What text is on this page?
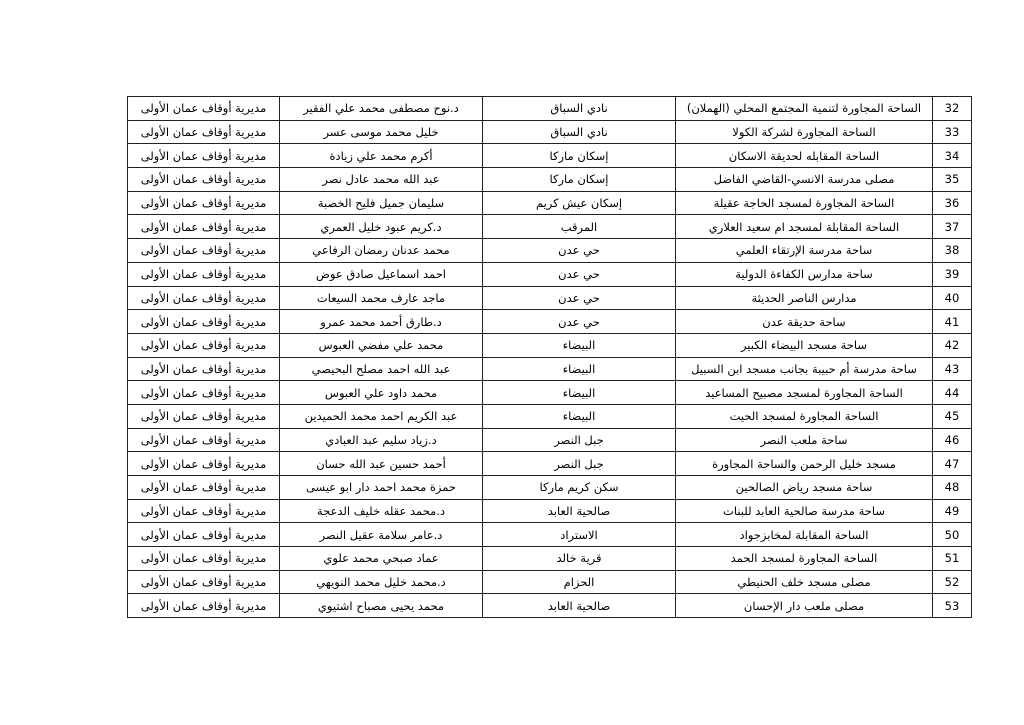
32	الساحة المجاورة لتنمية المجتمع المحلي (الهملان)	نادي السباق	د.نوح مصطفى محمد علي الفقير	مديرية أوقاف عمان الأولى
33	الساحة المجاورة لشركة الكولا	نادي السباق	خليل محمد موسى عسر	مديرية أوقاف عمان الأولى
34	الساحة المقابله لحديقة الاسكان	إسكان ماركا	أكرم محمد علي زيادة	مديرية أوقاف عمان الأولى
35	مصلى مدرسة الانسي-القاضي الفاضل	إسكان ماركا	عبد الله محمد عادل نصر	مديرية أوقاف عمان الأولى
36	الساحة المجاورة لمسجد الحاجة عقيلة	إسكان عيش كريم	سليمان جميل فليح الخصبة	مديرية أوقاف عمان الأولى
37	الساحة المقابلة لمسجد ام سعيد العلاري	المرقب	د.كريم عبود خليل العمري	مديرية أوقاف عمان الأولى
38	ساحة مدرسة الإرتقاء العلمي	حي عدن	محمد عدنان رمضان الرفاعي	مديرية أوقاف عمان الأولى
39	ساحة مدارس الكفاءة الدولية	حي عدن	احمد اسماعيل صادق عوض	مديرية أوقاف عمان الأولى
40	مدارس الناصر الحديثة	حي عدن	ماجد عارف محمد السيعات	مديرية أوقاف عمان الأولى
41	ساحة حديقة عدن	حي عدن	د.طارق أحمد محمد عمرو	مديرية أوقاف عمان الأولى
42	ساحة مسجد البيضاء الكبير	البيضاء	محمد علي مفضي العبوس	مديرية أوقاف عمان الأولى
43	ساحة مدرسة أم حبيبة بجانب مسجد ابن السبيل	البيضاء	عبد الله احمد مصلح البحيصي	مديرية أوقاف عمان الأولى
44	الساحة المجاورة لمسجد مصبيح المساعيد	البيضاء	محمد داود علي العبوس	مديرية أوقاف عمان الأولى
45	الساحة المجاورة لمسجد الحيت	البيضاء	عبد الكريم احمد محمد الحميدين	مديرية أوقاف عمان الأولى
46	ساحة ملعب النصر	جبل النصر	د.زياد سليم عبد العبادي	مديرية أوقاف عمان الأولى
47	مسجد خليل الرحمن والساحة المجاورة	جبل النصر	أحمد حسين عبد الله حسان	مديرية أوقاف عمان الأولى
48	ساحة مسجد رياض الصالحين	سكن كريم ماركا	حمزة محمد احمد دار ابو عيسى	مديرية أوقاف عمان الأولى
49	ساحة مدرسة صالحية العابد للبنات	صالحية العابد	د.محمد عقله خليف الدعجة	مديرية أوقاف عمان الأولى
50	الساحة المقابلة لمخابزجواد	الاستراد	د.عامر سلامة عقيل النصر	مديرية أوقاف عمان الأولى
51	الساحة المجاورة لمسجد الحمد	قرية خالد	عماد صبحي محمد علوي	مديرية أوقاف عمان الأولى
52	مصلى مسجد خلف الحنيطي	الحزام	د.محمد خليل محمد النويهي	مديرية أوقاف عمان الأولى
53	مصلى ملعب دار الإحسان	صالحية العابد	محمد يحيى مصباح اشتيوي	مديرية أوقاف عمان الأولى
